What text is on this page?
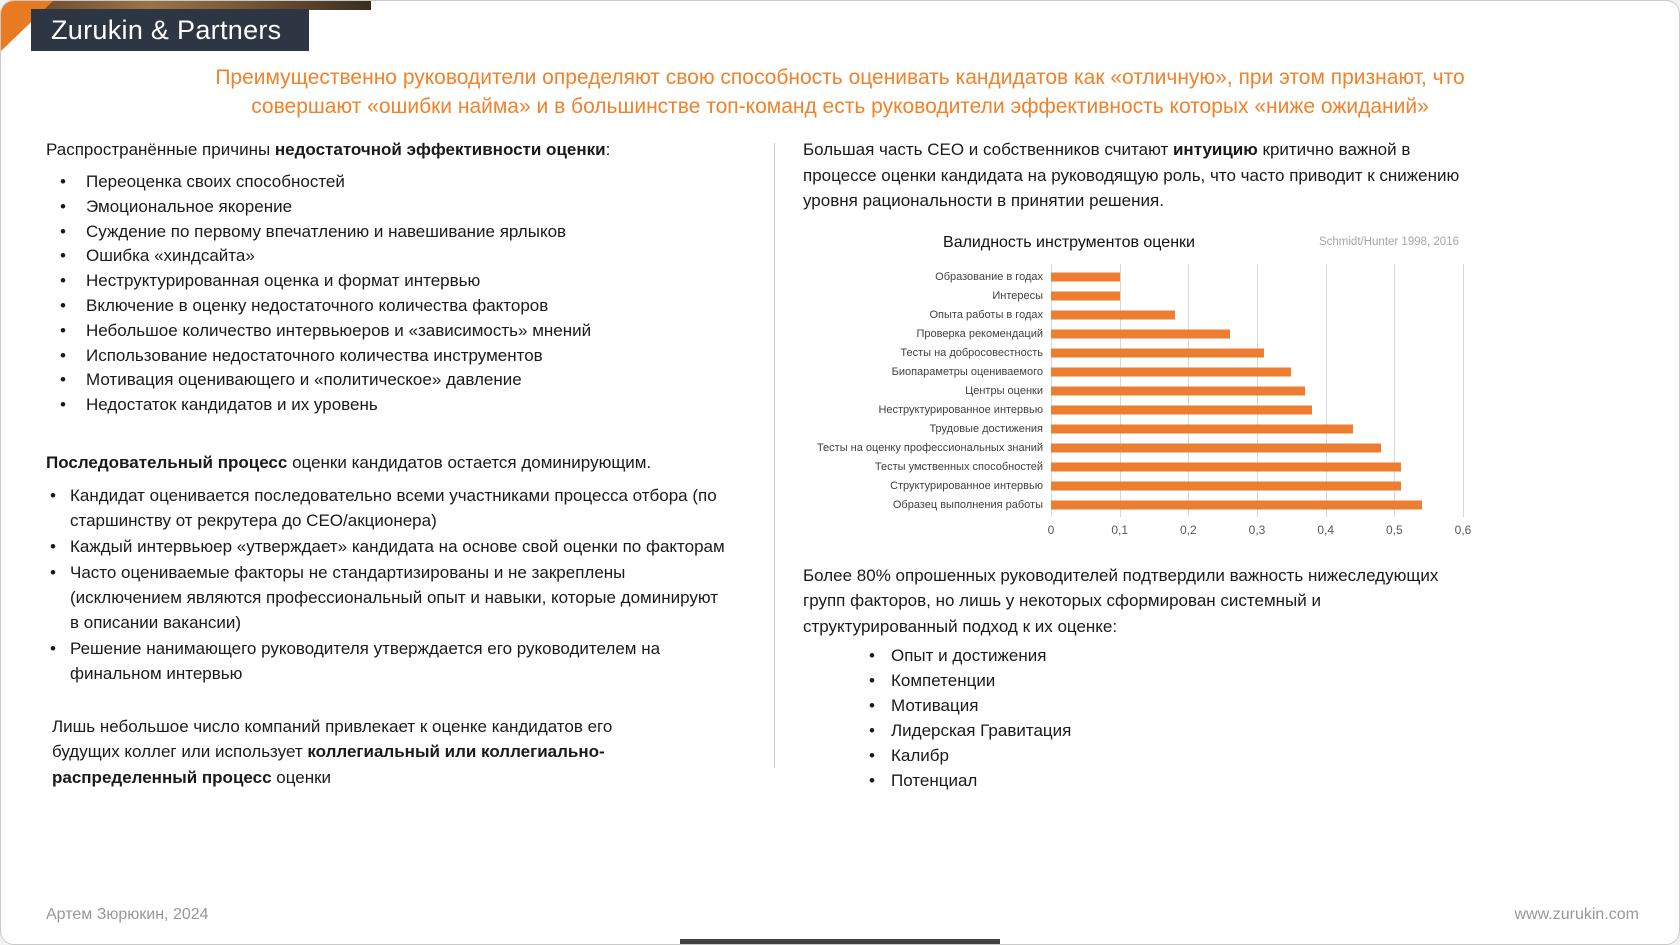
Zurukin & Partners
Преимущественно руководители определяют свою способность оценивать кандидатов как «отличную», при этом признают, что
совершают «ошибки найма» и в большинстве топ-команд есть руководители эффективность которых «ниже ожиданий»

Распространённые причины недостаточной эффективности оценки:

• Переоценка своих способностей
• Эмоциональное якорение
• Суждение по первому впечатлению и навешивание ярлыков
• Ошибка «хиндсайта»
• Неструктурированная оценка и формат интервью
• Включение в оценку недостаточного количества факторов
• Небольшое количество интервьюеров и «зависимость» мнений
• Использование недостаточного количества инструментов
• Мотивация оценивающего и «политическое» давление
• Недостаток кандидатов и их уровень

Последовательный процесс оценки кандидатов остается доминирующим.

• Кандидат оценивается последовательно всеми участниками процесса отбора (по старшинству от рекрутера до CEO/акционера)
• Каждый интервьюер «утверждает» кандидата на основе свой оценки по факторам
• Часто оцениваемые факторы не стандартизированы и не закреплены (исключением являются профессиональный опыт и навыки, которые доминируют в описании вакансии)
• Решение нанимающего руководителя утверждается его руководителем на финальном интервью

Лишь небольшое число компаний привлекает к оценке кандидатов его будущих коллег или использует коллегиальный или коллегиально-распределенный процесс оценки

Большая часть CEO и собственников считают интуицию критично важной в процессе оценки кандидата на руководящую роль, что часто приводит к снижению уровня рациональности в принятии решения.

Валидность инструментов оценки	Schmidt/Hunter 1998, 2016
Образование в годах
Интересы
Опыта работы в годах
Проверка рекомендаций
Тесты на добросовестность
Биопараметры оцениваемого
Центры оценки
Неструктурированное интервью
Трудовые достижения
Тесты на оценку профессиональных знаний
Тесты умственных способностей
Структурированное интервью
Образец выполнения работы
0	0,1	0,2	0,3	0,4	0,5	0,6

Более 80% опрошенных руководителей подтвердили важность нижеследующих групп факторов, но лишь у некоторых сформирован системный и структурированный подход к их оценке:

• Опыт и достижения
• Компетенции
• Мотивация
• Лидерская Гравитация
• Калибр
• Потенциал
Артем Зюрюкин, 2024	www.zurukin.com
